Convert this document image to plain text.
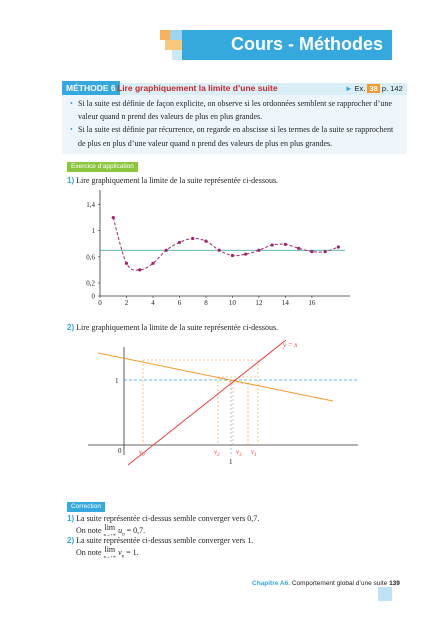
Cours - Méthodes
MÉTHODE 6 Lire graphiquement la limite d’une suite	► Ex. 38 p. 142
• Si la suite est définie de façon explicite, on observe si les ordonnées semblent se rapprocher d’une valeur quand n prend des valeurs de plus en plus grandes.
• Si la suite est définie par récurrence, on regarde en abscisse si les termes de la suite se rapprochent de plus en plus d’une valeur quand n prend des valeurs de plus en plus grandes.
Exercice d’application
1) Lire graphiquement la limite de la suite représentée ci-dessous.
0	2	4	6	8	10	12	14	16
0
0,2
0,6
1
1,4
2) Lire graphiquement la limite de la suite représentée ci-dessous.
y = x
0
1
1
$v_0$	$v_2$ $v_3$ $v_1$
Correction
1) La suite représentée ci-dessus semble converger vers 0,7.
On note lim
n→+∞ $u_n = 0,7$.
2) La suite représentée ci-dessus semble converger vers 1.
On note lim
n→+∞ $v_n = 1$.
Chapitre A6. Comportement global d’une suite 139
